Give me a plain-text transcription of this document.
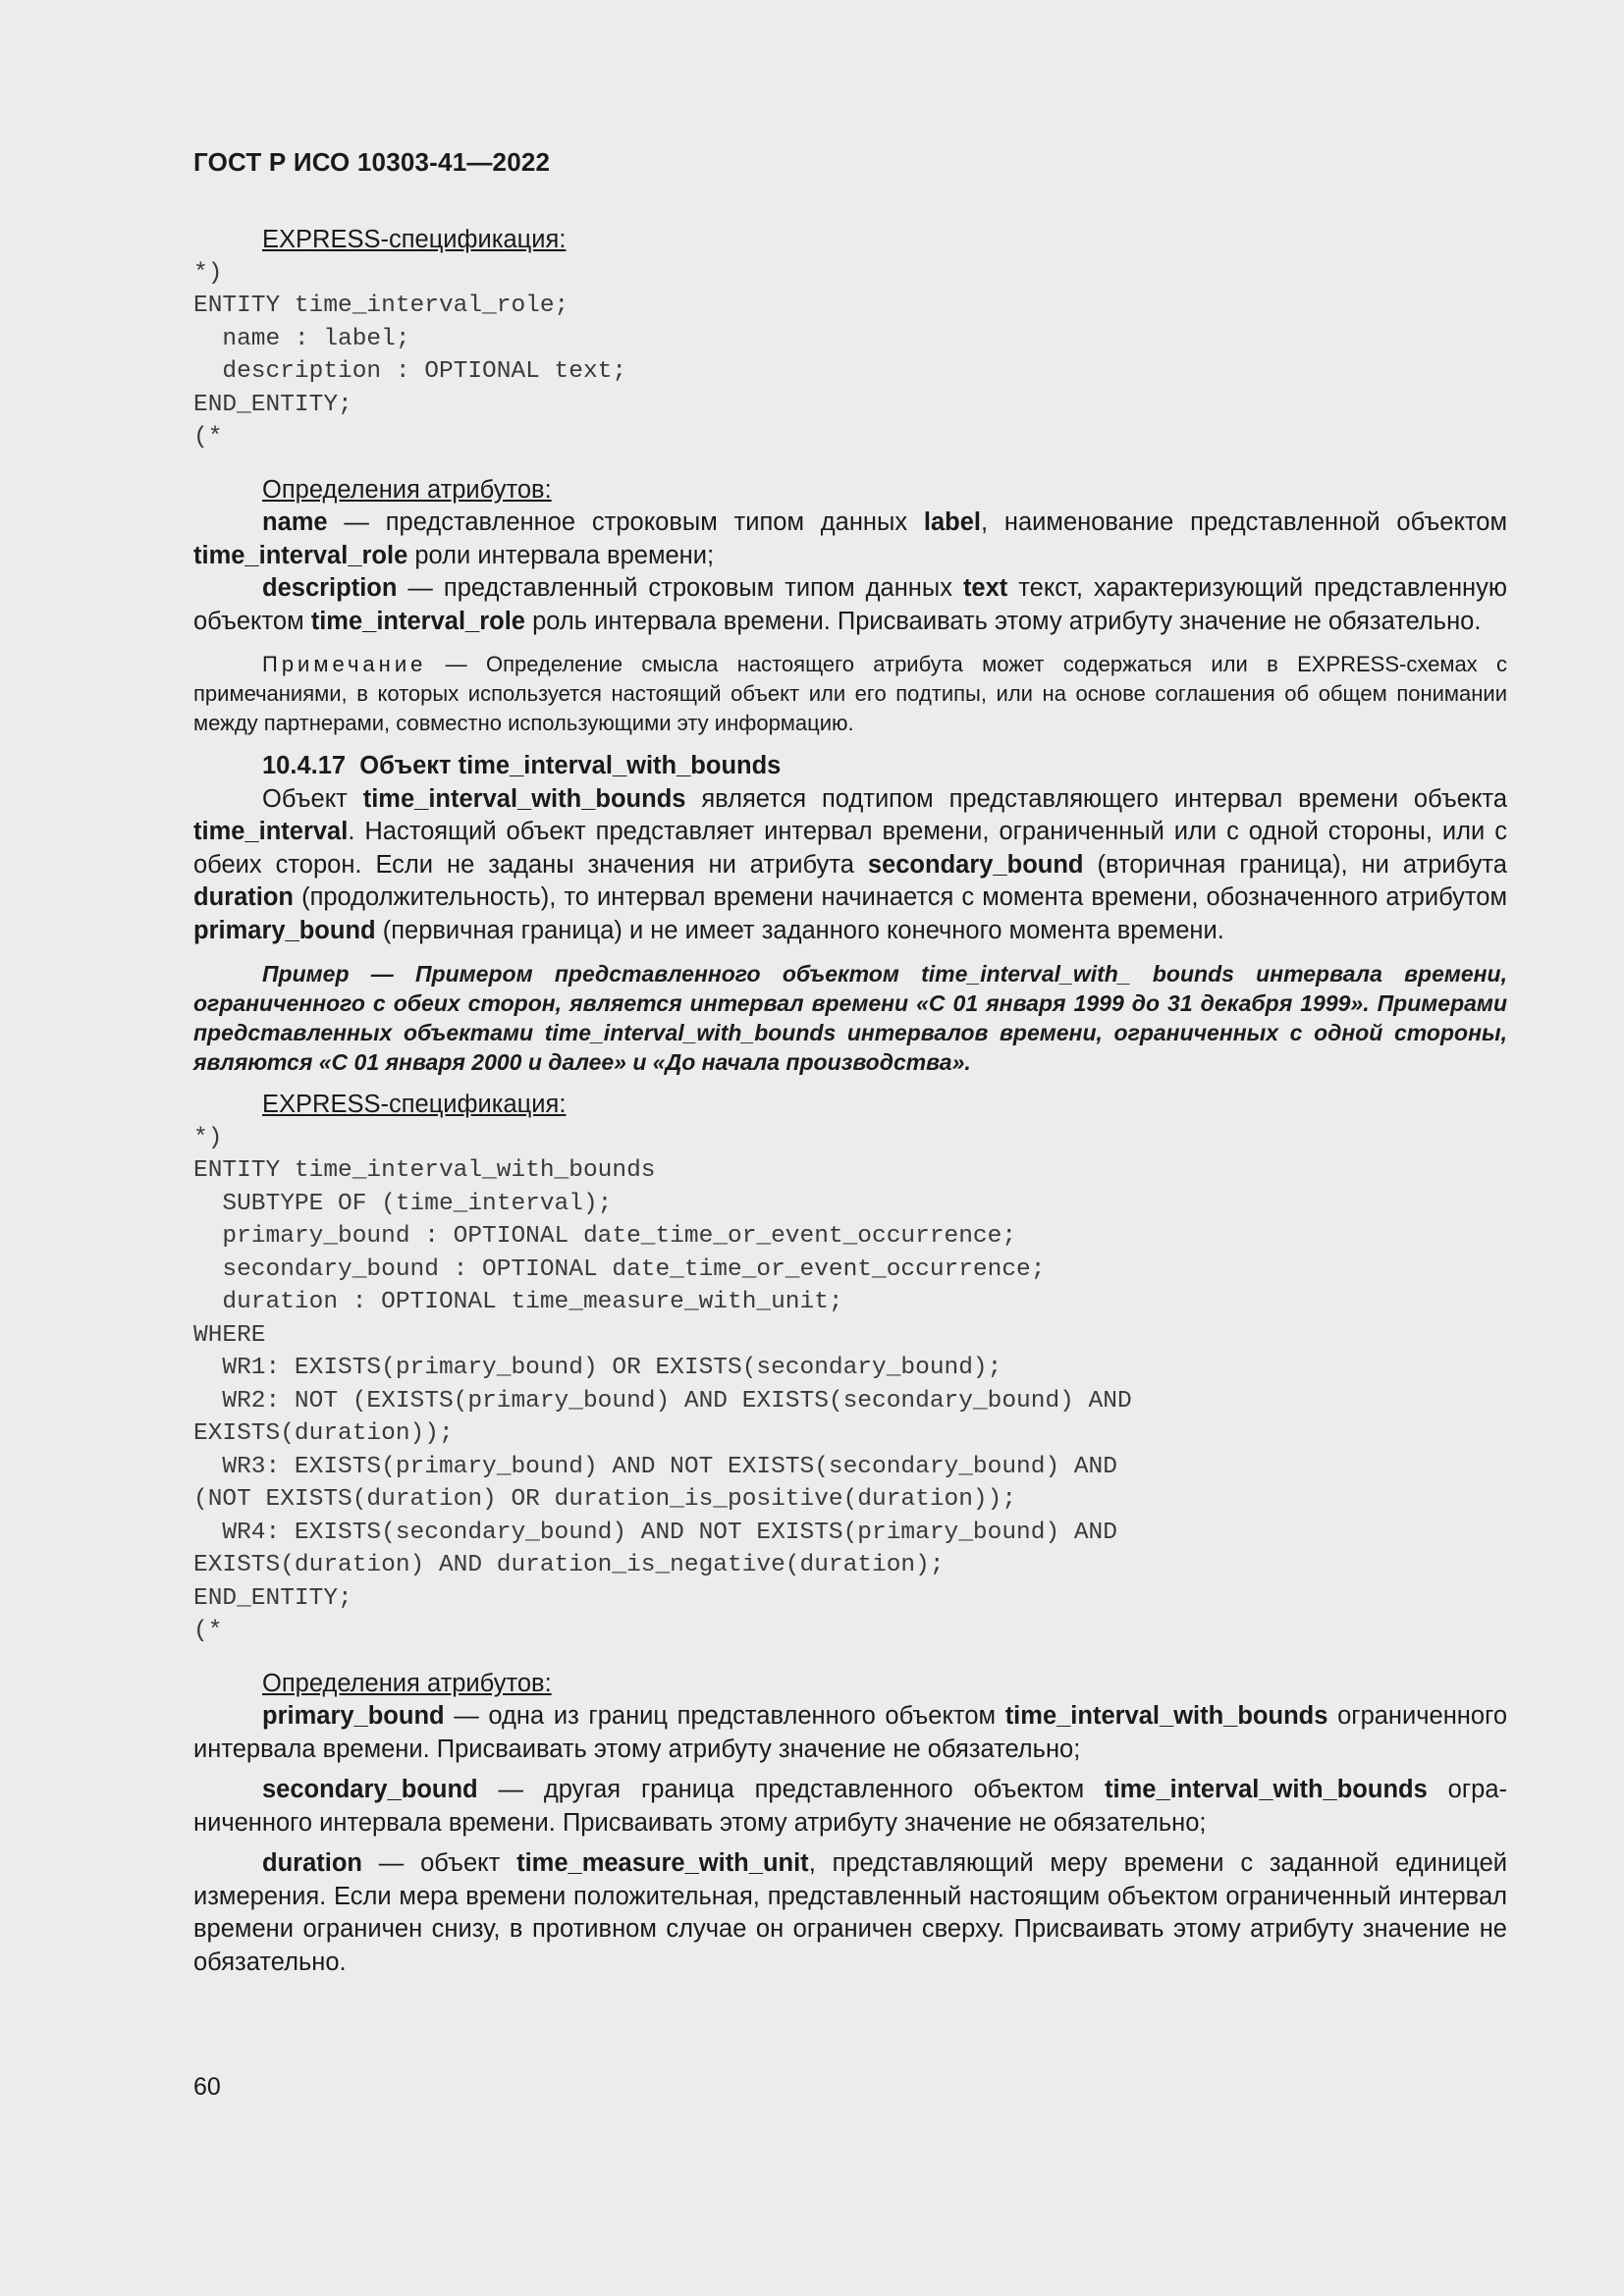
ГОСТ Р ИСО 10303-41—2022
EXPRESS-спецификация:
*)
ENTITY time_interval_role;
name : label;
description : OPTIONAL text;
END_ENTITY;
(*
Определения атрибутов:
name — представленное строковым типом данных label, наименование представленной объектом time_interval_role роли интервала времени;
description — представленный строковым типом данных text текст, характеризующий представленную объектом time_interval_role роль интервала времени. Присваивать этому атрибуту значение не обязательно.
Примечание — Определение смысла настоящего атрибута может содержаться или в EXPRESS-схемах с примечаниями, в которых используется настоящий объект или его подтипы, или на основе соглашения об общем понимании между партнерами, совместно использующими эту информацию.
10.4.17 Объект time_interval_with_bounds
Объект time_interval_with_bounds является подтипом представляющего интервал времени объекта time_interval. Настоящий объект представляет интервал времени, ограниченный или с одной стороны, или с обеих сторон. Если не заданы значения ни атрибута secondary_bound (вторичная граница), ни атрибута duration (продолжительность), то интервал времени начинается с момента времени, обозначенного атрибутом primary_bound (первичная граница) и не имеет заданного конечного момента времени.
Пример — Примером представленного объектом time_interval_with_ bounds интервала времени, ограниченного с обеих сторон, является интервал времени «С 01 января 1999 до 31 декабря 1999». Примерами представленных объектами time_interval_with_bounds интервалов времени, ограниченных с одной стороны, являются «С 01 января 2000 и далее» и «До начала производства».
EXPRESS-спецификация:
*)
ENTITY time_interval_with_bounds
SUBTYPE OF (time_interval);
primary_bound : OPTIONAL date_time_or_event_occurrence;
secondary_bound : OPTIONAL date_time_or_event_occurrence;
duration : OPTIONAL time_measure_with_unit;
WHERE
WR1: EXISTS(primary_bound) OR EXISTS(secondary_bound);
WR2: NOT (EXISTS(primary_bound) AND EXISTS(secondary_bound) AND
EXISTS(duration));
WR3: EXISTS(primary_bound) AND NOT EXISTS(secondary_bound) AND
(NOT EXISTS(duration) OR duration_is_positive(duration));
WR4: EXISTS(secondary_bound) AND NOT EXISTS(primary_bound) AND
EXISTS(duration) AND duration_is_negative(duration);
END_ENTITY;
(*
Определения атрибутов:
primary_bound — одна из границ представленного объектом time_interval_with_bounds ограниченного интервала времени. Присваивать этому атрибуту значение не обязательно;
secondary_bound — другая граница представленного объектом time_interval_with_bounds ограниченного интервала времени. Присваивать этому атрибуту значение не обязательно;
duration — объект time_measure_with_unit, представляющий меру времени с заданной единицей измерения. Если мера времени положительная, представленный настоящим объектом ограниченный интервал времени ограничен снизу, в противном случае он ограничен сверху. Присваивать этому атрибуту значение не обязательно.
60
